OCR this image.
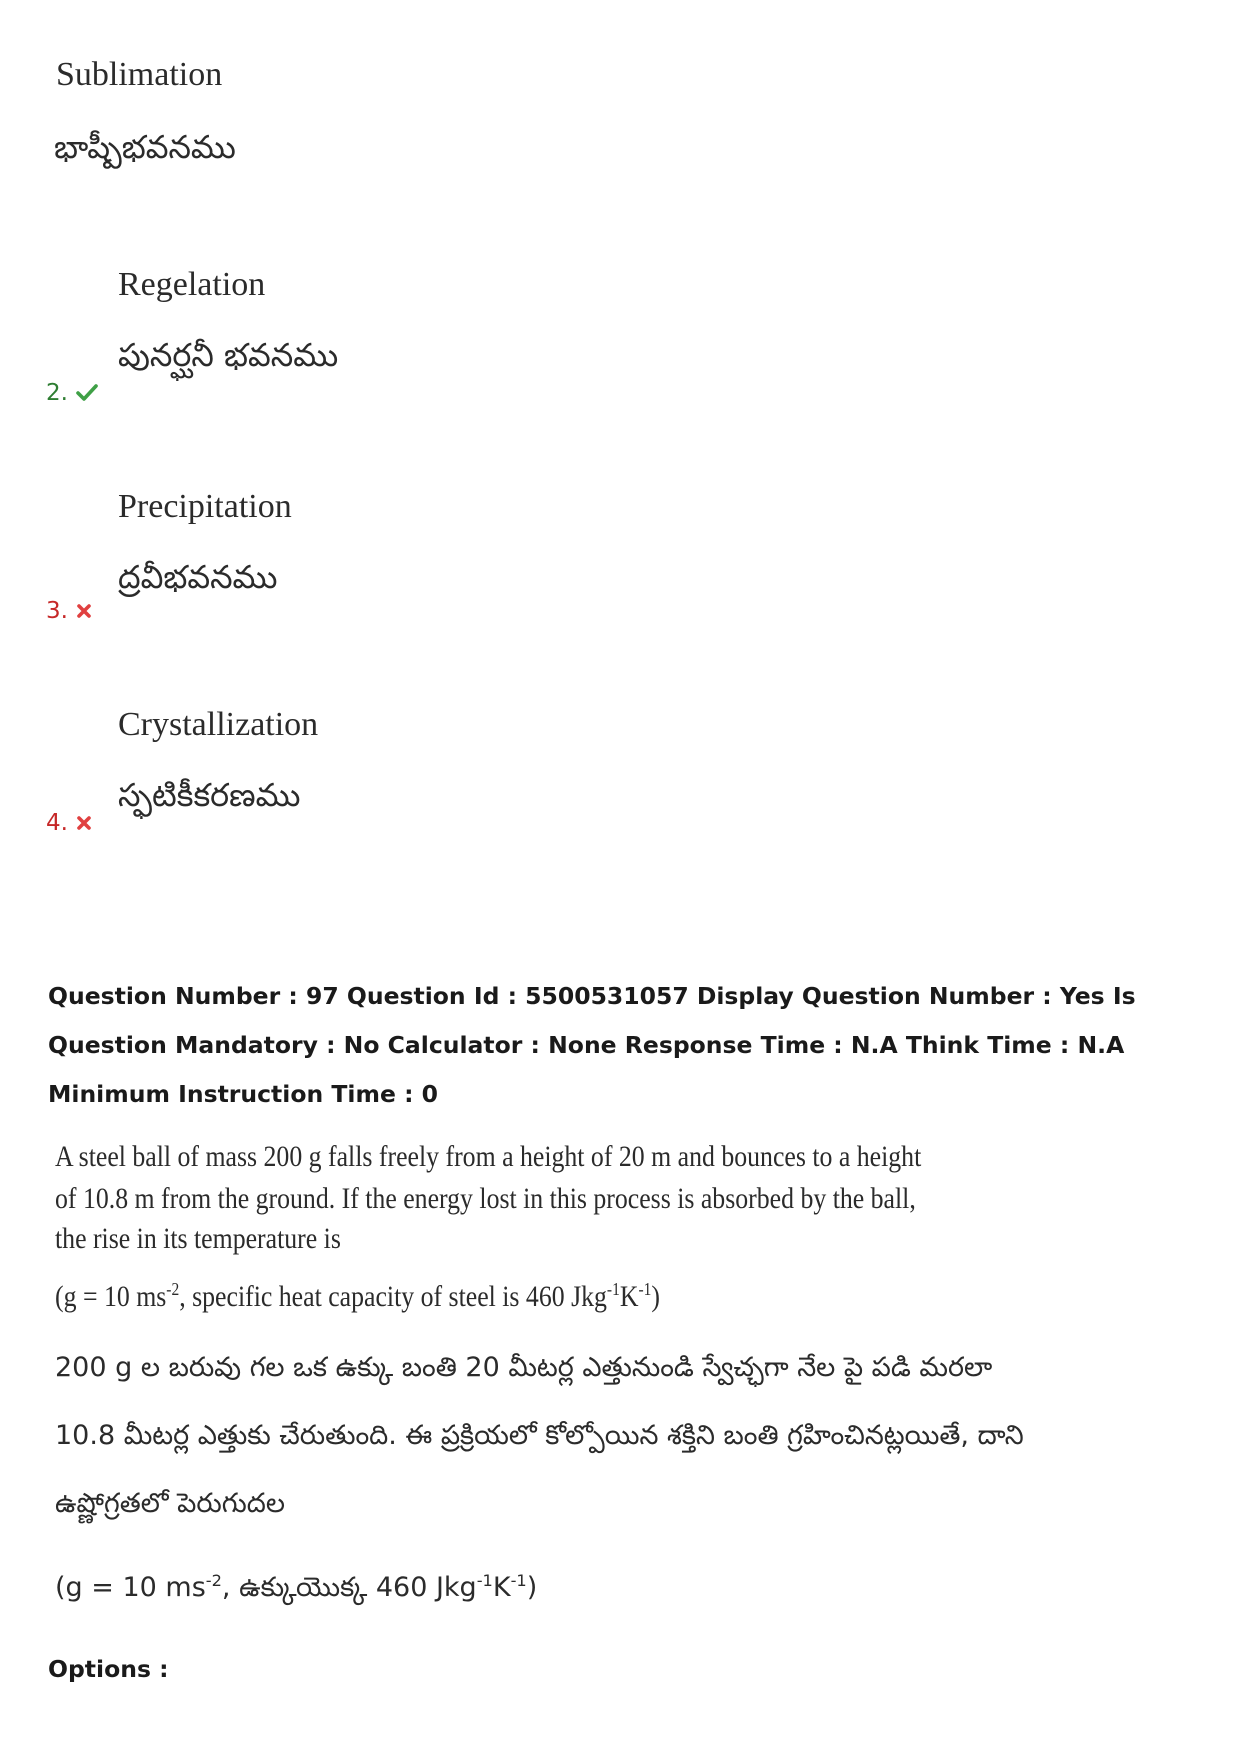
Sublimation
భాష్పీభవనము
Regelation
పునర్ఘనీ భవనము
2.
Precipitation
ద్రవీభవనము
3.
Crystallization
స్ఫటికీకరణము
4.
Question Number : 97 Question Id : 5500531057 Display Question Number : Yes Is Question Mandatory : No Calculator : None Response Time : N.A Think Time : N.A Minimum Instruction Time : 0
A steel ball of mass 200 g falls freely from a height of 20 m and bounces to a height
of 10.8 m from the ground. If the energy lost in this process is absorbed by the ball,
the rise in its temperature is
(g = 10 $ms^{-2}$, specific heat capacity of steel is 460 $Jkg^{-1}K^{-1}$)
200 g ల బరువు గల ఒక ఉక్కు బంతి 20 మీటర్ల ఎత్తునుండి స్వేచ్ఛగా నేల పై పడి మరలా
10.8 మీటర్ల ఎత్తుకు చేరుతుంది. ఈ ప్రక్రియలో కోల్పోయిన శక్తిని బంతి గ్రహించినట్లయితే, దాని
ఉష్ణోగ్రతలో పెరుగుదల
(g = 10 $ms^{-2}$, ఉక్కుయొక్క 460 $Jkg^{-1}K^{-1}$)
Options :
